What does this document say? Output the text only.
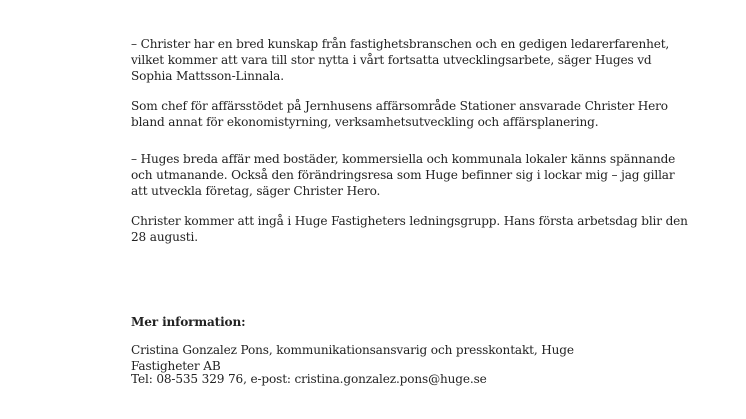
– Christer har en bred kunskap från fastighetsbranschen och en gedigen ledarerfarenhet,
vilket kommer att vara till stor nytta i vårt fortsatta utvecklingsarbete, säger Huges vd
Sophia Mattsson-Linnala.

Som chef för affärsstödet på Jernhusens affärsområde Stationer ansvarade Christer Hero
bland annat för ekonomistyrning, verksamhetsutveckling och affärsplanering.

– Huges breda affär med bostäder, kommersiella och kommunala lokaler känns spännande
och utmanande. Också den förändringsresa som Huge befinner sig i lockar mig – jag gillar
att utveckla företag, säger Christer Hero.

Christer kommer att ingå i Huge Fastigheters ledningsgrupp. Hans första arbetsdag blir den
28 augusti.

Mer information:

Cristina Gonzalez Pons, kommunikationsansvarig och presskontakt, Huge Fastigheter AB

Tel: 08-535 329 76, e-post: cristina.gonzalez.pons@huge.se
